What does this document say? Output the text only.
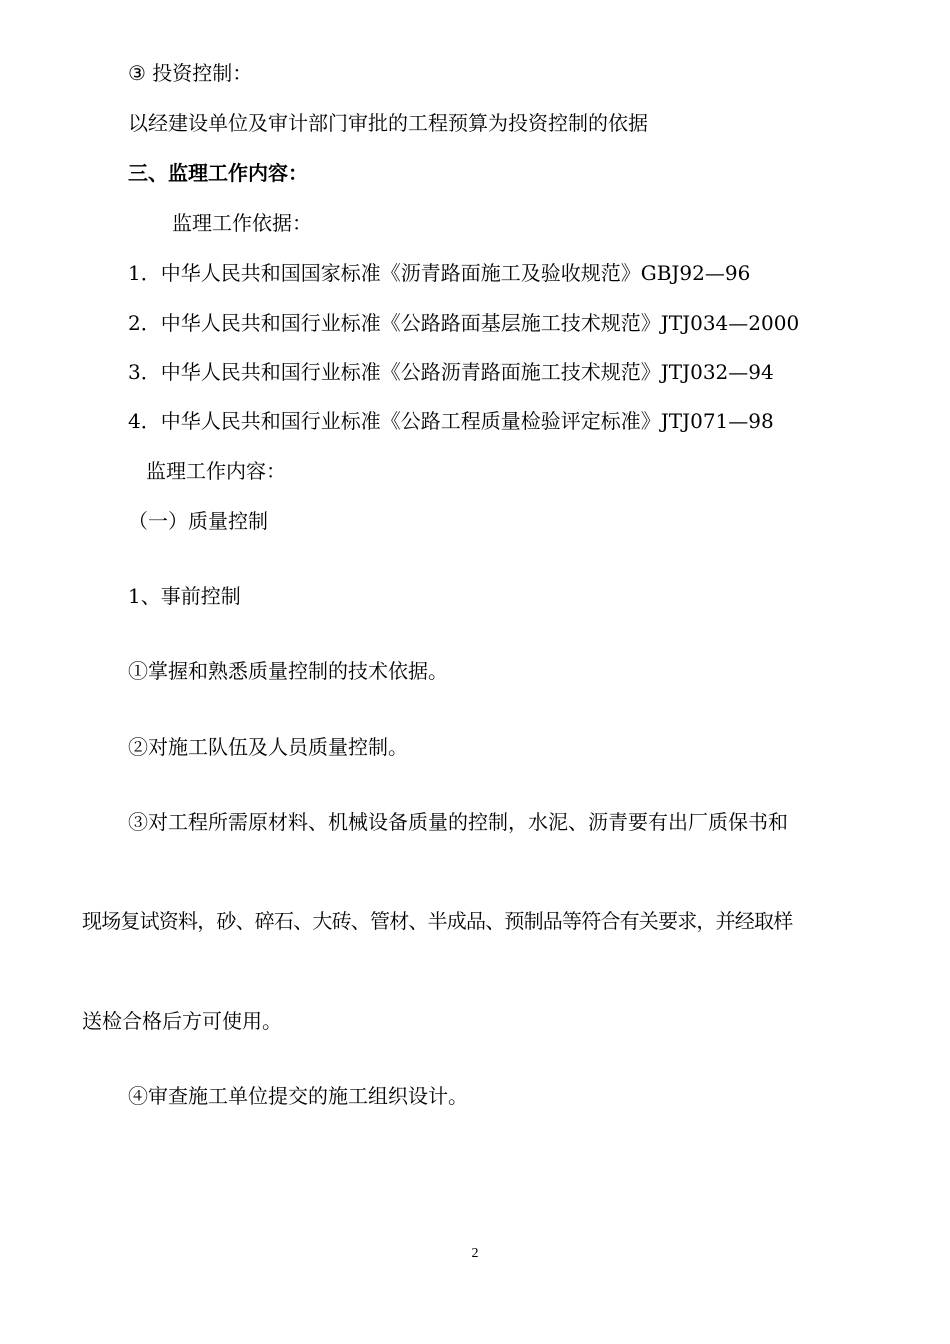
③ 投资控制：
以经建设单位及审计部门审批的工程预算为投资控制的依据
三、监理工作内容：
监理工作依据：
1．中华人民共和国国家标准《沥青路面施工及验收规范》GBJ92—96
2．中华人民共和国行业标准《公路路面基层施工技术规范》JTJ034—2000
3．中华人民共和国行业标准《公路沥青路面施工技术规范》JTJ032—94
4．中华人民共和国行业标准《公路工程质量检验评定标准》JTJ071—98
监理工作内容：
（一）质量控制
1、事前控制
①掌握和熟悉质量控制的技术依据。
②对施工队伍及人员质量控制。
③对工程所需原材料、机械设备质量的控制，水泥、沥青要有出厂质保书和
现场复试资料，砂、碎石、大砖、管材、半成品、预制品等符合有关要求，并经取样
送检合格后方可使用。
④审查施工单位提交的施工组织设计。
2
